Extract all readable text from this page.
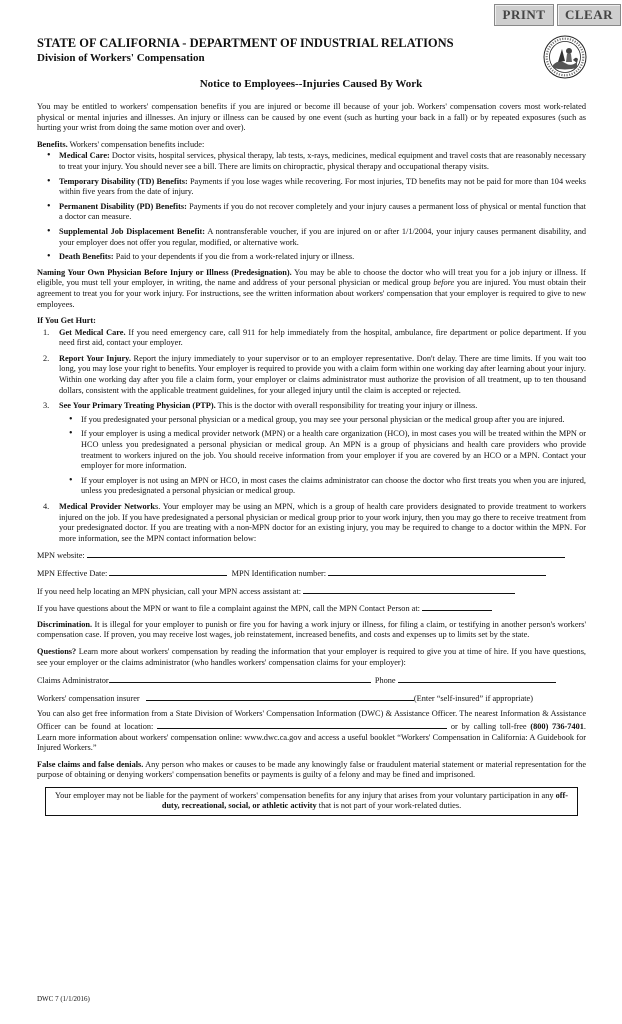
PRINT	CLEAR
STATE OF CALIFORNIA - DEPARTMENT OF INDUSTRIAL RELATIONS
Division of Workers' Compensation
Notice to Employees--Injuries Caused By Work

You may be entitled to workers' compensation benefits if you are injured or become ill because of your job. Workers' compensation covers most work-related physical or mental injuries and illnesses. An injury or illness can be caused by one event (such as hurting your back in a fall) or by repeated exposures (such as hurting your wrist from doing the same motion over and over).

Benefits. Workers' compensation benefits include:
• Medical Care: Doctor visits, hospital services, physical therapy, lab tests, x-rays, medicines, medical equipment and travel costs that are reasonably necessary to treat your injury. You should never see a bill. There are limits on chiropractic, physical therapy and occupational therapy visits.
• Temporary Disability (TD) Benefits: Payments if you lose wages while recovering. For most injuries, TD benefits may not be paid for more than 104 weeks within five years from the date of injury.
• Permanent Disability (PD) Benefits: Payments if you do not recover completely and your injury causes a permanent loss of physical or mental function that a doctor can measure.
• Supplemental Job Displacement Benefit: A nontransferable voucher, if you are injured on or after 1/1/2004, your injury causes permanent disability, and your employer does not offer you regular, modified, or alternative work.
• Death Benefits: Paid to your dependents if you die from a work-related injury or illness.

Naming Your Own Physician Before Injury or Illness (Predesignation). You may be able to choose the doctor who will treat you for a job injury or illness. If eligible, you must tell your employer, in writing, the name and address of your personal physician or medical group before you are injured. You must obtain their agreement to treat you for your work injury. For instructions, see the written information about workers' compensation that your employer is required to give to new employees.

If You Get Hurt:
1. Get Medical Care. If you need emergency care, call 911 for help immediately from the hospital, ambulance, fire department or police department. If you need first aid, contact your employer.
2. Report Your Injury. Report the injury immediately to your supervisor or to an employer representative. Don't delay. There are time limits. If you wait too long, you may lose your right to benefits. Your employer is required to provide you with a claim form within one working day after learning about your injury. Within one working day after you file a claim form, your employer or claims administrator must authorize the provision of all treatment, up to ten thousand dollars, consistent with the applicable treatment guidelines, for your alleged injury until the claim is accepted or rejected.
3. See Your Primary Treating Physician (PTP). This is the doctor with overall responsibility for treating your injury or illness.
• If you predesignated your personal physician or a medical group, you may see your personal physician or the medical group after you are injured.
• If your employer is using a medical provider network (MPN) or a health care organization (HCO), in most cases you will be treated within the MPN or HCO unless you predesignated a personal physician or medical group. An MPN is a group of physicians and health care providers who provide treatment to workers injured on the job. You should receive information from your employer if you are covered by an HCO or a MPN. Contact your employer for more information.
• If your employer is not using an MPN or HCO, in most cases the claims administrator can choose the doctor who first treats you when you are injured, unless you predesignated a personal physician or medical group.
4. Medical Provider Networks. Your employer may be using an MPN, which is a group of health care providers designated to provide treatment to workers injured on the job. If you have predesignated a personal physician or medical group prior to your work injury, then you may go there to receive treatment from your predesignated doctor. If you are treating with a non-MPN doctor for an existing injury, you may be required to change to a doctor within the MPN. For more information, see the MPN contact information below:
MPN website:
MPN Effective Date:	MPN Identification number:
If you need help locating an MPN physician, call your MPN access assistant at:
If you have questions about the MPN or want to file a complaint against the MPN, call the MPN Contact Person at:

Discrimination. It is illegal for your employer to punish or fire you for having a work injury or illness, for filing a claim, or testifying in another person's workers' compensation case. If proven, you may receive lost wages, job reinstatement, increased benefits, and costs and expenses up to limits set by the state.

Questions? Learn more about workers' compensation by reading the information that your employer is required to give you at time of hire. If you have questions, see your employer or the claims administrator (who handles workers' compensation claims for your employer):

Claims Administrator	Phone
Workers' compensation insurer	(Enter “self-insured” if appropriate)

You can also get free information from a State Division of Workers' Compensation Information (DWC) & Assistance Officer. The nearest Information & Assistance Officer can be found at location:	or by calling toll-free (800) 736-7401. Learn more information about workers' compensation online: www.dwc.ca.gov and access a useful booklet “Workers' Compensation in California: A Guidebook for Injured Workers.”

False claims and false denials. Any person who makes or causes to be made any knowingly false or fraudulent material statement or material representation for the purpose of obtaining or denying workers' compensation benefits or payments is guilty of a felony and may be fined and imprisoned.

Your employer may not be liable for the payment of workers' compensation benefits for any injury that arises from your voluntary participation in any off-duty, recreational, social, or athletic activity that is not part of your work-related duties.
DWC 7 (1/1/2016)
